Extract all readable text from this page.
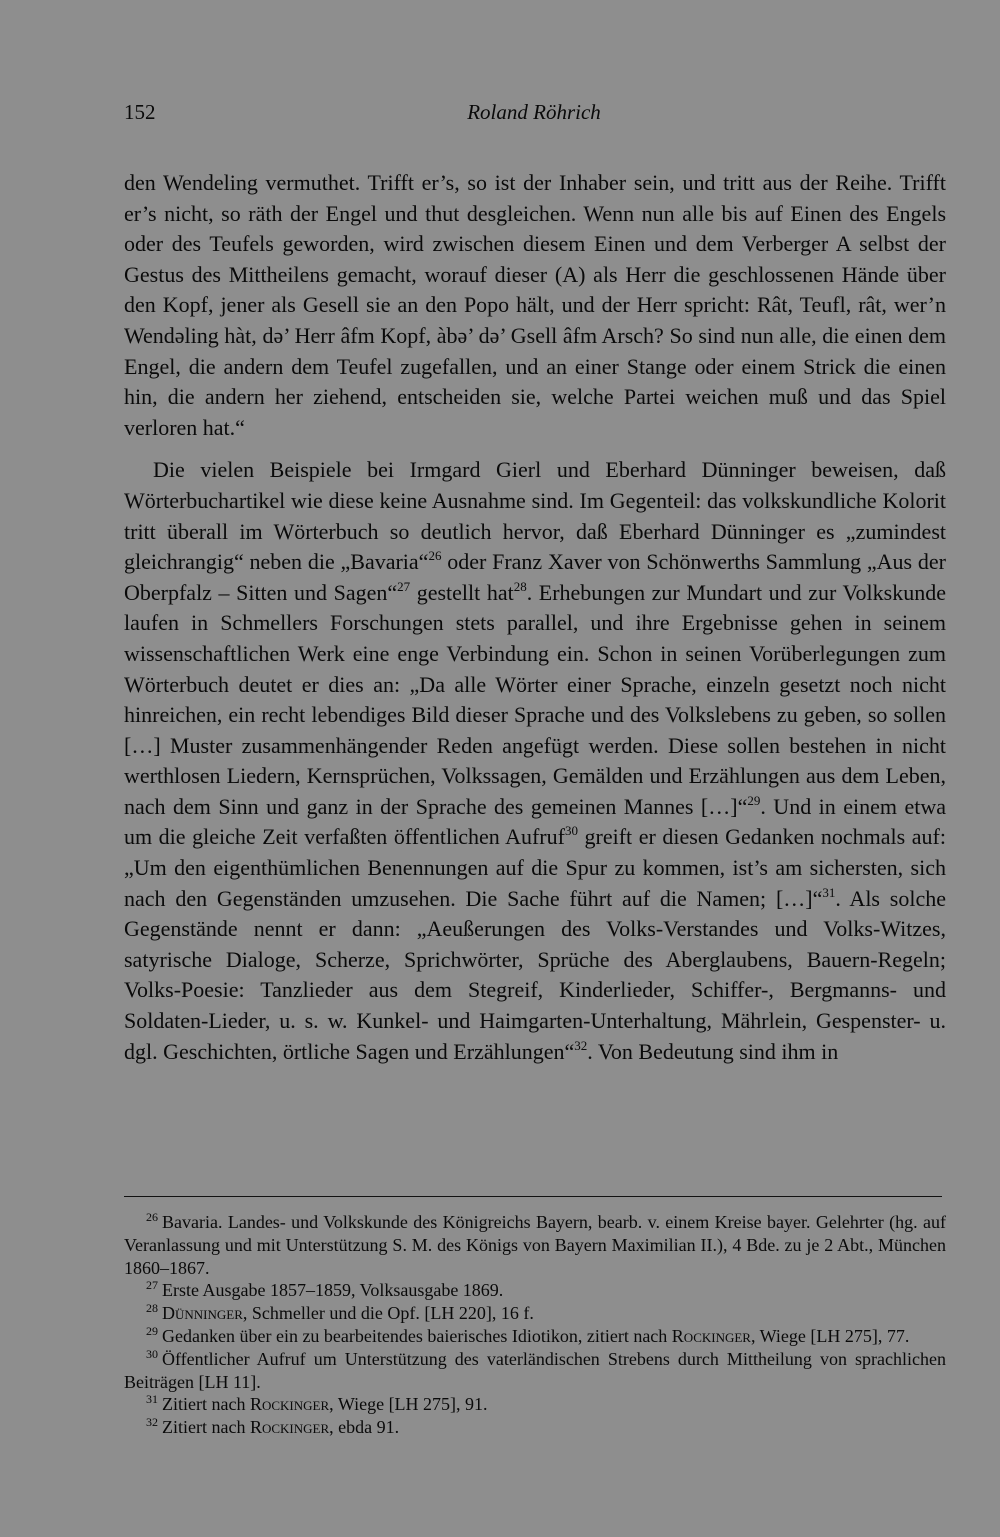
152	Roland Röhrich

den Wendeling vermuthet. Trifft er’s, so ist der Inhaber sein, und tritt aus der Reihe. Trifft er’s nicht, so räth der Engel und thut desgleichen. Wenn nun alle bis auf Einen des Engels oder des Teufels geworden, wird zwischen diesem Einen und dem Verberger A selbst der Gestus des Mittheilens gemacht, worauf dieser (A) als Herr die geschlossenen Hände über den Kopf, jener als Gesell sie an den Popo hält, und der Herr spricht: Rât, Teufl, rât, wer’n Wendəling hàt, də’ Herr âfm Kopf, àbə’ də’ Gsell âfm Arsch? So sind nun alle, die einen dem Engel, die andern dem Teufel zugefallen, und an einer Stange oder einem Strick die einen hin, die andern her ziehend, entscheiden sie, welche Partei weichen muß und das Spiel verloren hat.“

Die vielen Beispiele bei Irmgard Gierl und Eberhard Dünninger beweisen, daß Wörterbuchartikel wie diese keine Ausnahme sind. Im Gegenteil: das volkskundliche Kolorit tritt überall im Wörterbuch so deutlich hervor, daß Eberhard Dünninger es „zumindest gleichrangig“ neben die „Bavaria“$^{26}$ oder Franz Xaver von Schönwerths Sammlung „Aus der Oberpfalz – Sitten und Sagen“$^{27}$ gestellt hat$^{28}$. Erhebungen zur Mundart und zur Volkskunde laufen in Schmellers Forschungen stets parallel, und ihre Ergebnisse gehen in seinem wissenschaftlichen Werk eine enge Verbindung ein. Schon in seinen Vorüberlegungen zum Wörterbuch deutet er dies an: „Da alle Wörter einer Sprache, einzeln gesetzt noch nicht hinreichen, ein recht lebendiges Bild dieser Sprache und des Volkslebens zu geben, so sollen […] Muster zusammenhängender Reden angefügt werden. Diese sollen bestehen in nicht werthlosen Liedern, Kernsprüchen, Volkssagen, Gemälden und Erzählungen aus dem Leben, nach dem Sinn und ganz in der Sprache des gemeinen Mannes […]“$^{29}$. Und in einem etwa um die gleiche Zeit verfaßten öffentlichen Aufruf$^{30}$ greift er diesen Gedanken nochmals auf: „Um den eigenthümlichen Benennungen auf die Spur zu kommen, ist’s am sichersten, sich nach den Gegenständen umzusehen. Die Sache führt auf die Namen; […]“$^{31}$. Als solche Gegenstände nennt er dann: „Aeußerungen des Volks-Verstandes und Volks-Witzes, satyrische Dialoge, Scherze, Sprichwörter, Sprüche des Aberglaubens, Bauern-Regeln; Volks-Poesie: Tanzlieder aus dem Stegreif, Kinderlieder, Schiffer-, Bergmanns- und Soldaten-Lieder, u. s. w. Kunkel- und Haimgarten-Unterhaltung, Mährlein, Gespenster- u. dgl. Geschichten, örtliche Sagen und Erzählungen“$^{32}$. Von Bedeutung sind ihm in

$^{26}$ Bavaria. Landes- und Volkskunde des Königreichs Bayern, bearb. v. einem Kreise bayer. Gelehrter (hg. auf Veranlassung und mit Unterstützung S. M. des Königs von Bayern Maximilian II.), 4 Bde. zu je 2 Abt., München 1860–1867.

$^{27}$ Erste Ausgabe 1857–1859, Volksausgabe 1869.

$^{28}$ Dünninger, Schmeller und die Opf. [LH 220], 16 f.

$^{29}$ Gedanken über ein zu bearbeitendes baierisches Idiotikon, zitiert nach Rockinger, Wiege [LH 275], 77.

$^{30}$ Öffentlicher Aufruf um Unterstützung des vaterländischen Strebens durch Mittheilung von sprachlichen Beiträgen [LH 11].

$^{31}$ Zitiert nach Rockinger, Wiege [LH 275], 91.

$^{32}$ Zitiert nach Rockinger, ebda 91.
